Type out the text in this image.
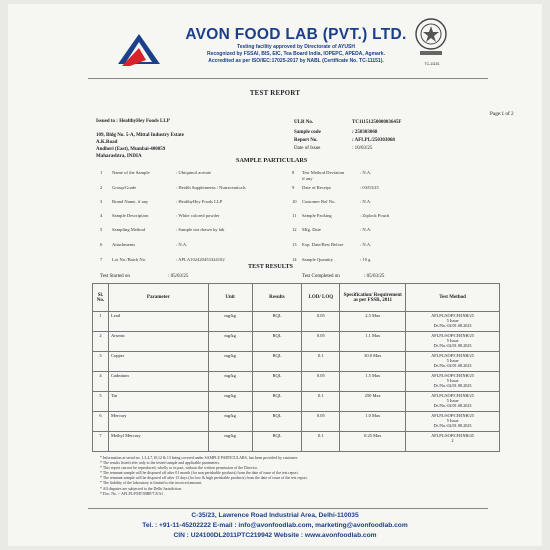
AVON FOOD LAB (PVT.) LTD.
Testing facility approved by Directorate of AYUSH
Recognized by FSSAI, BIS, EIC, Tea Board India, IOPEPC, APEDA, Agmark.
Accredited as per ISO/IEC:17025-2017 by NABL (Certificate No. TC-11151).	TC-11151
TEST REPORT
Page:1 of 2
Issued to : HealthyHey Foods LLP
109, Bldg No. 5-A, Mittal Industry Estate
A.K.Road
Andheri (East), Mumbai-400059
Maharashtra, INDIA
ULR No.	TC1115125000003645F
Sample code	: 250303068
Report No.	: AFLPL/250303068
Date of Issue	: 10/03/25
SAMPLE PARTICULARS
1 Name of the Sample	: Ubiquinol acetate
2 Group/Grade	: Health Supplements / Nutraceuticals
3 Brand Name, if any	: HealthyHey Foods LLP
4 Sample Description	: White colored powder
5 Sampling Method	: Sample not drawn by lab
6 Attachments	: N.A.
7 Lot No./Batch No.	: APLA102420453324102
8 Test Method Deviation	: N.A.
if any
9 Date of Receipt	: 03/03/25
10 Customer Ref No.	: N.A.
11 Sample Packing	: Ziplock Pouch
12 Mfg. Date	: N.A.
13 Exp. Date/Best Before	: N.A.
14 Sample Quantity	: 10 g
TEST RESULTS
Test Started on	: 05/03/25	Test Completed on	: 05/03/25
Sl. No.	Parameter	Unit	Results	LOD/ LOQ	Specification/ Requirement as per FSSR, 2011	Test Method
1	Lead	mg/kg	BQL	0.05	2.5 Max	AFLPL/SOP/CH/INH/25
5 Issue
Dt./No.:02/01.08.2023

2	Arsenic	mg/kg	BQL	0.05	1.1 Max	AFLPL/SOP/CH/INH/25
5 Issue
Dt./No.:02/01.08.2023

3	Copper	mg/kg	BQL	0.1	30.0 Max	AFLPL/SOP/CH/INH/25
5 Issue
Dt./No.:02/01.08.2023

4	Cadmium	mg/kg	BQL	0.05	1.5 Max	AFLPL/SOP/CH/INH/25
5 Issue
Dt./No.:02/01.08.2023

5	Tin	mg/kg	BQL	0.1	250 Max	AFLPL/SOP/CH/INH/25
5 Issue
Dt./No.:02/01.08.2023

6	Mercury	mg/kg	BQL	0.05	1.0 Max	AFLPL/SOP/CH/INH/25
5 Issue
Dt./No.:02/01.08.2023

7	Methyl Mercury	mg/kg	BQL	0.1	0.25 Max	AFLPL/SOP/CH/INH/45
2
* Information at serial no. 1,3,4,7,10,12 & 13 being covered under SAMPLE PARTICULARS, has been provided by customer.
* The results listed refer only to the tested sample and applicable parameters.
* This report can not be reproduced, wholly or in part, without the written permission of the Director.
* The remnant sample will be disposed off after 01 month (for non perishable products) from the date of issue of the test report.
* The remnant sample will be disposed off after 15 days (for low & high perishable products) from the date of issue of the test report.
* The liability of the laboratory is limited to the invoiced amount.
* All disputes are subjected to the Delhi Jurisdiction.
* Doc. No. :- AFLPL/FMT/MRP/7.8/A1
C-35/23, Lawrence Road Industrial Area, Delhi-110035
Tel. : +91-11-45202222 E-mail : info@avonfoodlab.com, marketing@avonfoodlab.com
CIN : U24100DL2011PTC219942 Website : www.avonfoodlab.com
